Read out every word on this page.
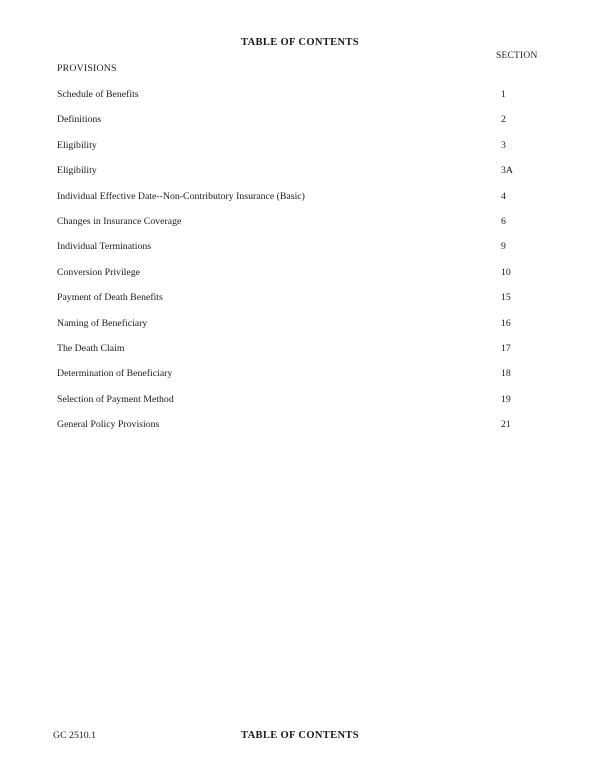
TABLE OF CONTENTS
SECTION
PROVISIONS
Schedule of Benefits	1
Definitions	2
Eligibility	3
Eligibility	3A
Individual Effective Date--Non-Contributory Insurance (Basic)	4
Changes in Insurance Coverage	6
Individual Terminations	9
Conversion Privilege	10
Payment of Death Benefits	15
Naming of Beneficiary	16
The Death Claim	17
Determination of Beneficiary	18
Selection of Payment Method	19
General Policy Provisions	21
GC 2510.1	TABLE OF CONTENTS
